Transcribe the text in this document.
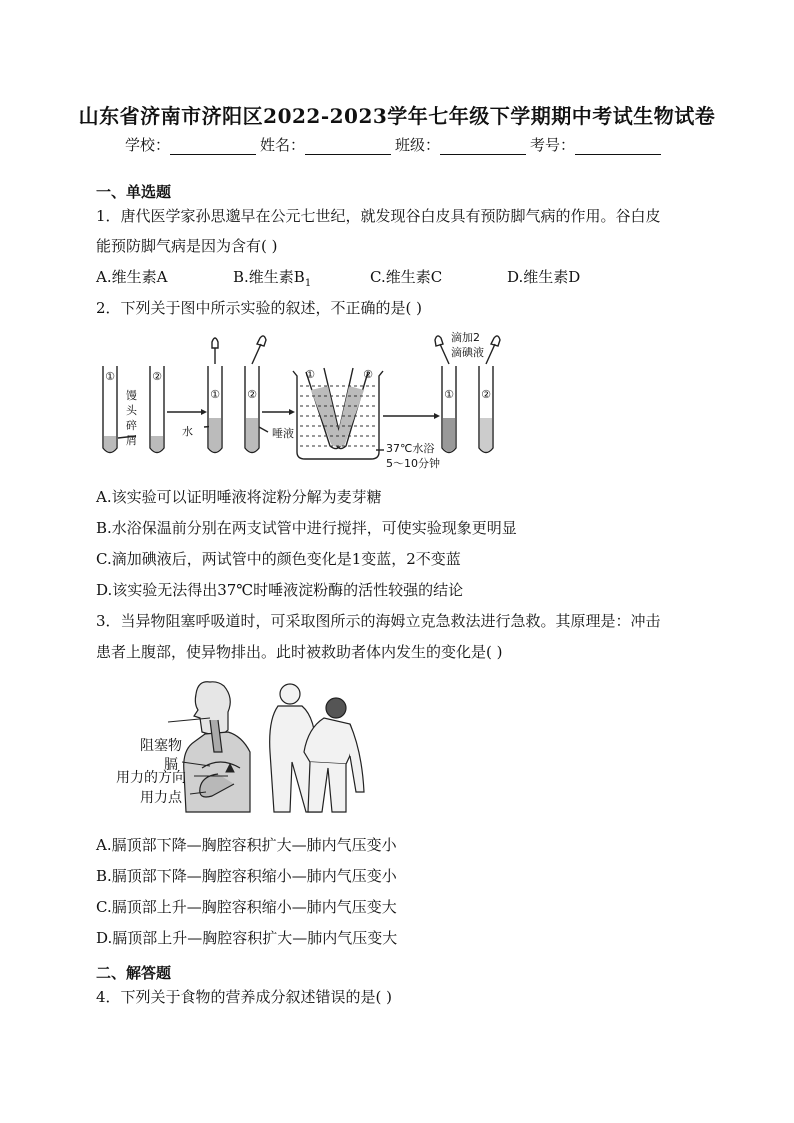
山东省济南市济阳区2022-2023学年七年级下学期期中考试生物试卷
学校：	姓名：	班级：	考号：
一、单选题
1．唐代医学家孙思邈早在公元七世纪，就发现谷白皮具有预防脚气病的作用。谷白皮
能预防脚气病是因为含有( )
A.维生素A	B.维生素$B_1$	C.维生素C	D.维生素D
2．下列关于图中所示实验的叙述，不正确的是( )
①	②
① ②
①	②
① ②
馒
头
碎
屑
水	唾液
37℃水浴
5～10分钟
滴加2
滴碘液
A.该实验可以证明唾液将淀粉分解为麦芽糖
B.水浴保温前分别在两支试管中进行搅拌，可使实验现象更明显
C.滴加碘液后，两试管中的颜色变化是1变蓝，2不变蓝
D.该实验无法得出37℃时唾液淀粉酶的活性较强的结论
3．当异物阻塞呼吸道时，可采取图所示的海姆立克急救法进行急救。其原理是：冲击
患者上腹部，使异物排出。此时被救助者体内发生的变化是( )
阻塞物
膈
用力的方向
用力点
A.膈顶部下降—胸腔容积扩大—肺内气压变小
B.膈顶部下降—胸腔容积缩小—肺内气压变小
C.膈顶部上升—胸腔容积缩小—肺内气压变大
D.膈顶部上升—胸腔容积扩大—肺内气压变大
二、解答题
4．下列关于食物的营养成分叙述错误的是( )
